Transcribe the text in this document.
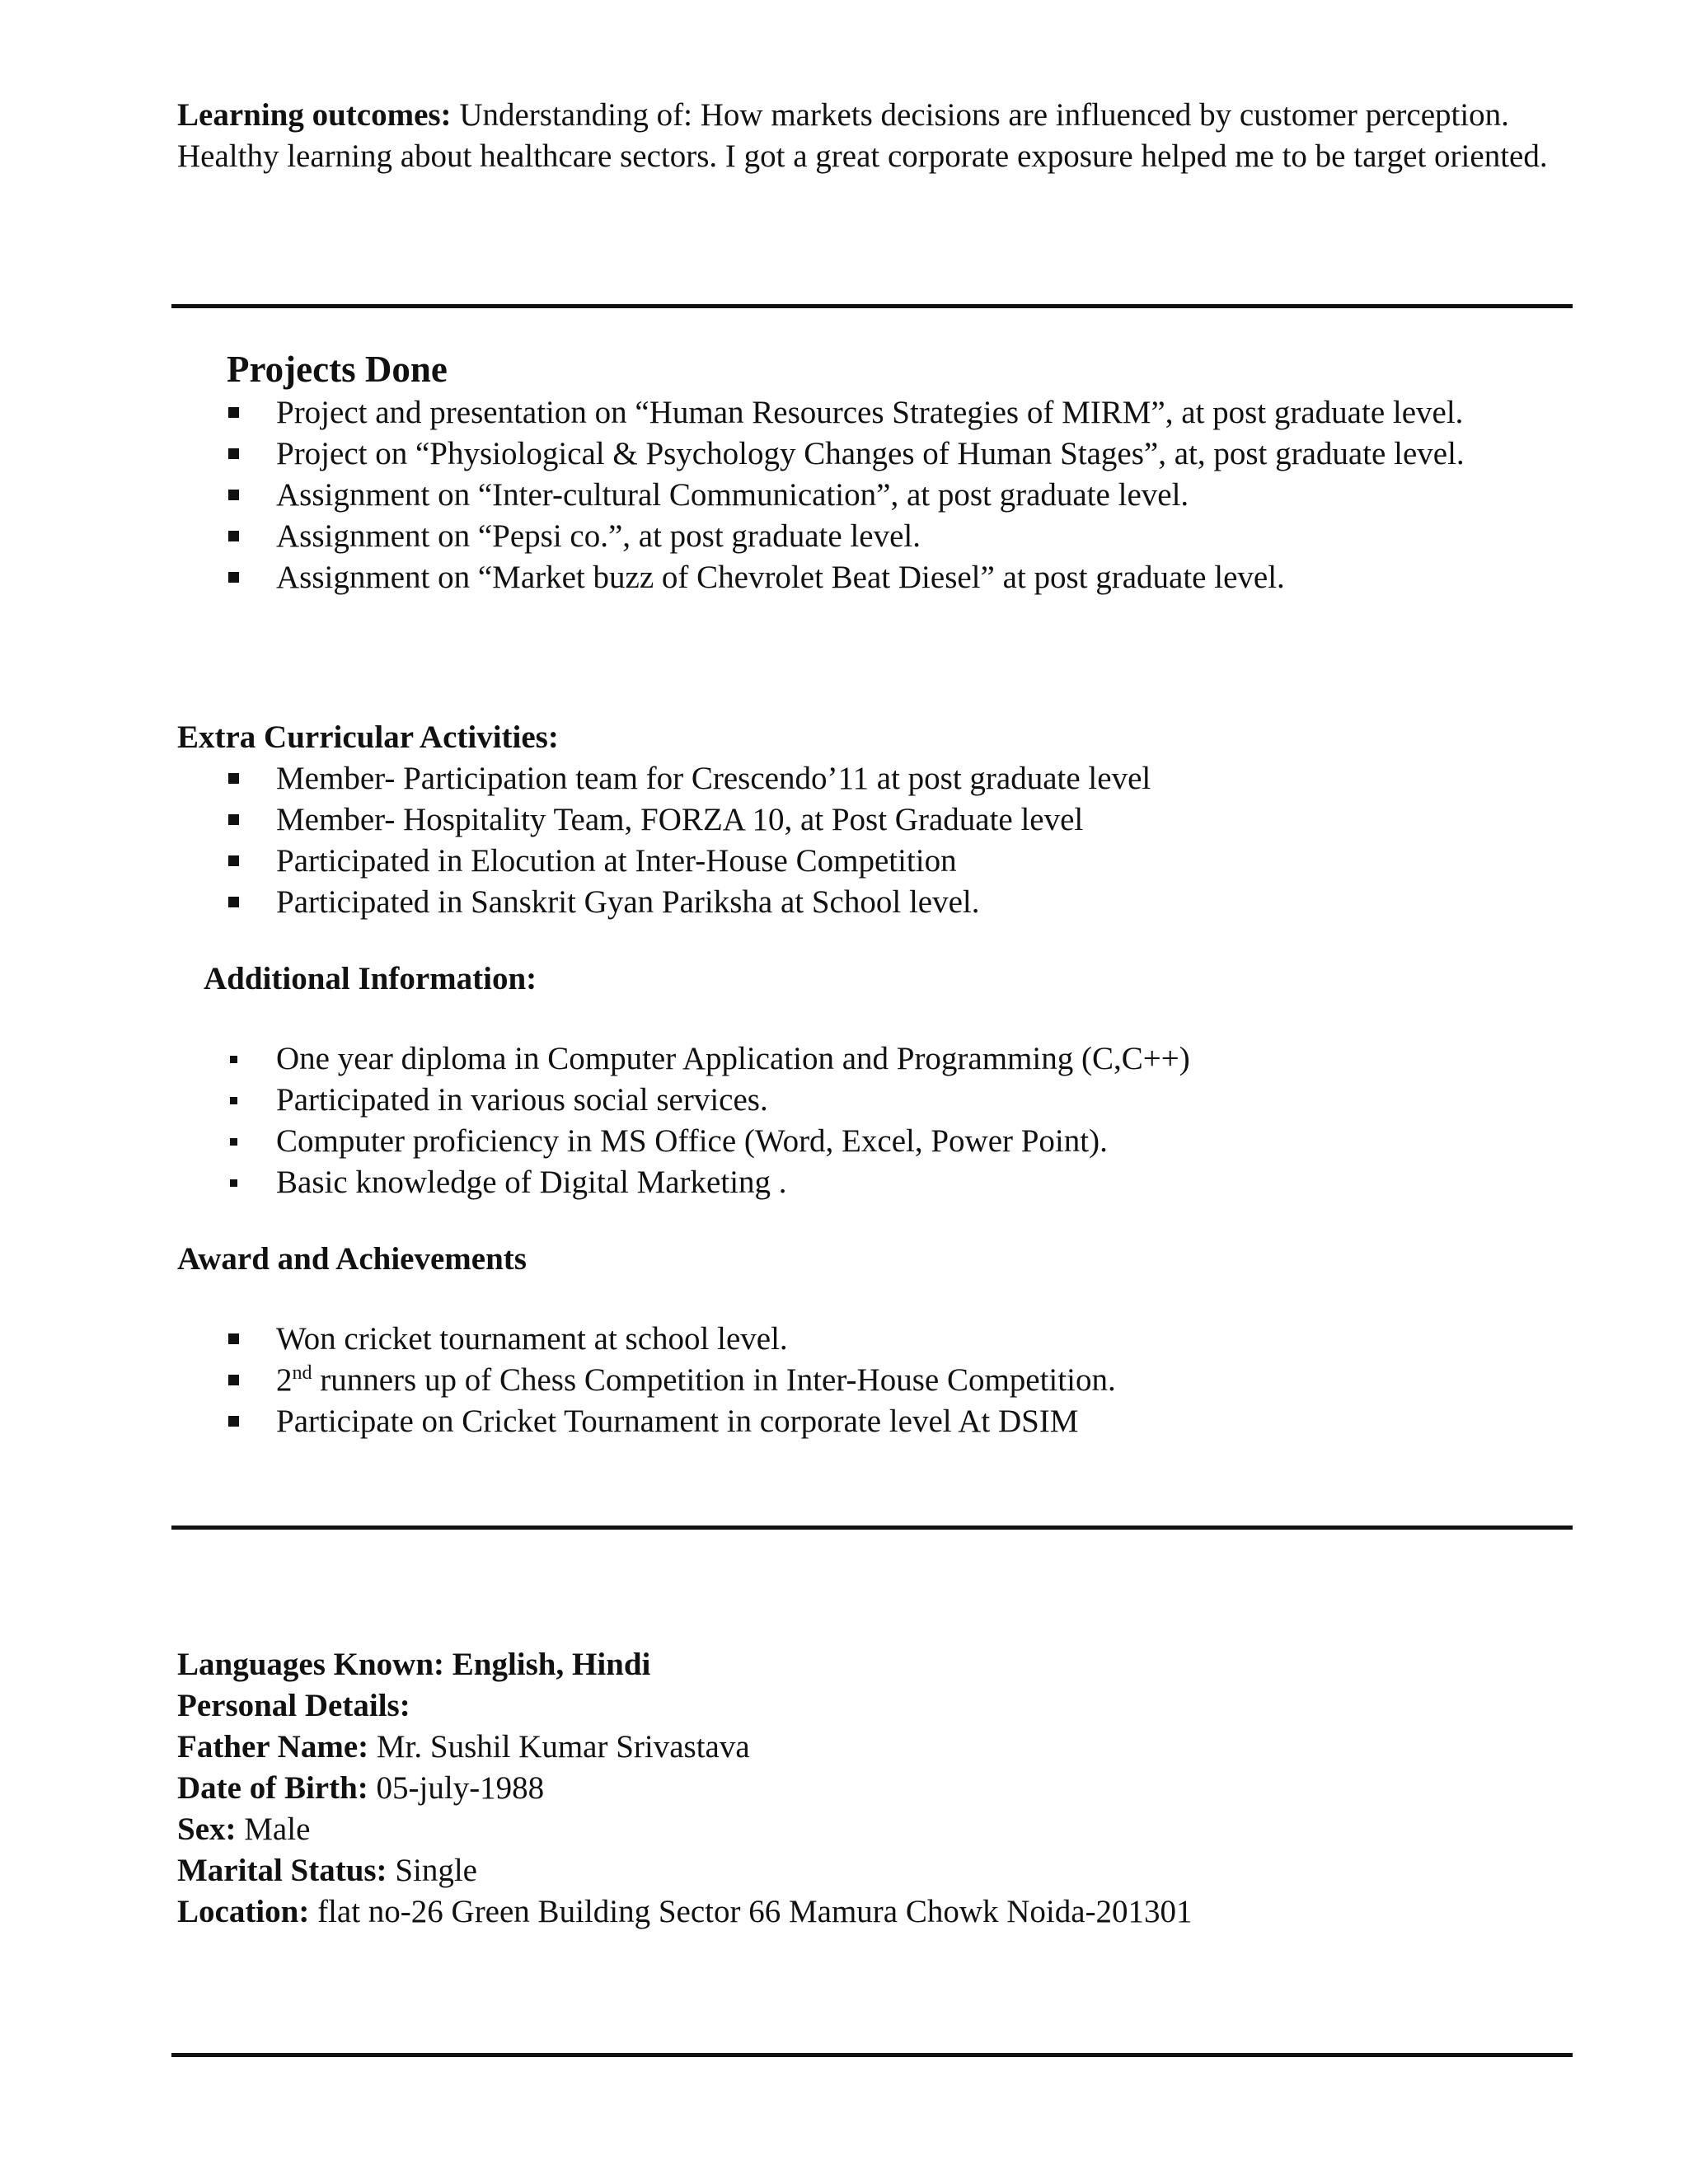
Learning outcomes: Understanding of: How markets decisions are influenced by customer perception. Healthy learning about healthcare sectors. I got a great corporate exposure helped me to be target oriented.
Projects Done
Project and presentation on “Human Resources Strategies of MIRM”, at post graduate level.
Project on “Physiological & Psychology Changes of Human Stages”, at, post graduate level.
Assignment on “Inter-cultural Communication”, at post graduate level.
Assignment on “Pepsi co.”, at post graduate level.
Assignment on “Market buzz of Chevrolet Beat Diesel” at post graduate level.
Extra Curricular Activities:
Member- Participation team for Crescendo’11 at post graduate level
Member- Hospitality Team, FORZA 10, at Post Graduate level
Participated in Elocution at Inter-House Competition
Participated in Sanskrit Gyan Pariksha at School level.
Additional Information:
One year diploma in Computer Application and Programming (C,C++)
Participated in various social services.
Computer proficiency in MS Office (Word, Excel, Power Point).
Basic knowledge of Digital Marketing .
Award and Achievements
Won cricket tournament at school level.
2nd runners up of Chess Competition in Inter-House Competition.
Participate on Cricket Tournament in corporate level At DSIM
Languages Known: English, Hindi
Personal Details:
Father Name: Mr. Sushil Kumar Srivastava
Date of Birth: 05-july-1988
Sex: Male
Marital Status: Single
Location: flat no-26 Green Building Sector 66 Mamura Chowk Noida-201301
